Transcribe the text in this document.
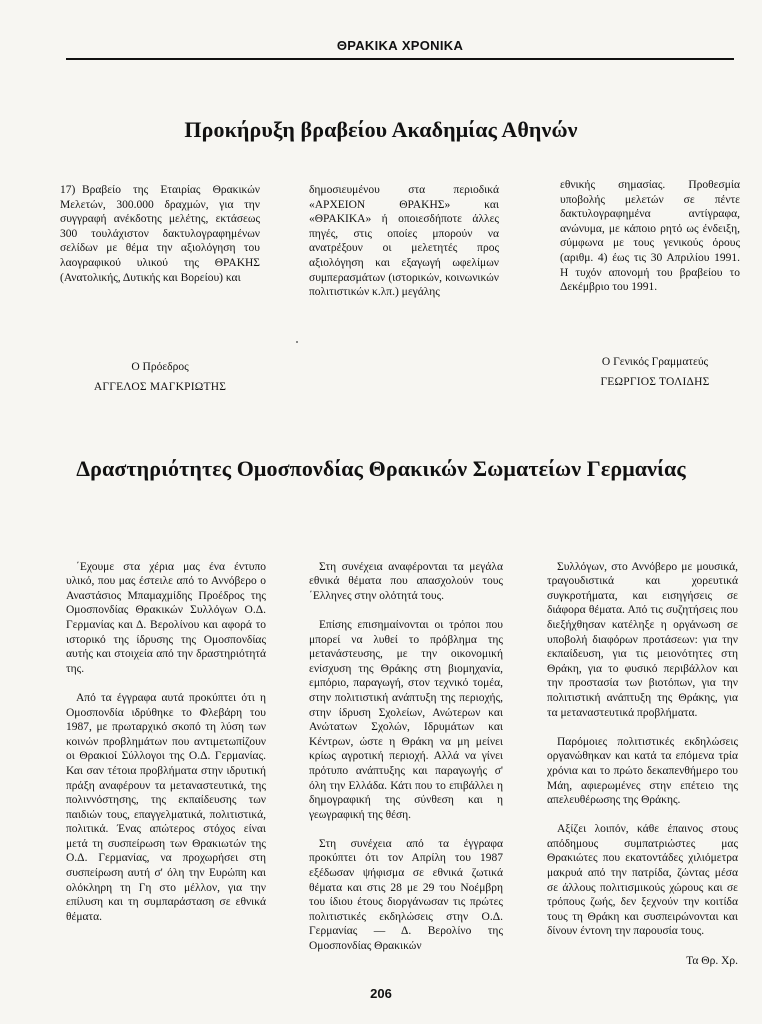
ΘΡΑΚΙΚΑ ΧΡΟΝΙΚΑ
Προκήρυξη βραβείου Ακαδημίας Αθηνών
17) Βραβείο της Εταιρίας Θρακικών Μελετών, 300.000 δραχμών, για την συγγραφή ανέκδοτης μελέτης, εκτάσεως 300 τουλάχιστον δακτυλογραφημένων σελίδων με θέμα την αξιολόγηση του λαογραφικού υλικού της ΘΡΑΚΗΣ (Ανατολικής, Δυτικής και Βορείου) και
δημοσιευμένου στα περιοδικά «ΑΡΧΕΙΟΝ ΘΡΑΚΗΣ» και «ΘΡΑΚΙΚΑ» ή οποιεσδήποτε άλλες πηγές, στις οποίες μπορούν να ανατρέξουν οι μελετητές προς αξιολόγηση και εξαγωγή ωφελίμων συμπερασμάτων (ιστορικών, κοινωνικών πολιτιστικών κ.λπ.) μεγάλης
εθνικής σημασίας. Προθεσμία υποβολής μελετών σε πέντε δακτυλογραφημένα αντίγραφα, ανώνυμα, με κάποιο ρητό ως ένδειξη, σύμφωνα με τους γενικούς όρους (αριθμ. 4) έως τις 30 Απριλίου 1991. Η τυχόν απονομή του βραβείου το Δεκέμβριο του 1991.
Ο Πρόεδρος
ΑΓΓΕΛΟΣ ΜΑΓΚΡΙΩΤΗΣ
Ο Γενικός Γραμματεύς
ΓΕΩΡΓΙΟΣ ΤΟΛΙΔΗΣ
Δραστηριότητες Ομοσπονδίας Θρακικών Σωματείων Γερμανίας

΄Εχουμε στα χέρια μας ένα έντυπο υλικό, που μας έστειλε από το Αννόβερο ο Αναστάσιος Μπαμαχμίδης Προέδρος της Ομοσπονδίας Θρακικών Συλλόγων Ο.Δ. Γερμανίας και Δ. Βερολίνου και αφορά το ιστορικό της ίδρυσης της Ομοσπονδίας αυτής και στοιχεία από την δραστηριότητά της.

Από τα έγγραφα αυτά προκύπτει ότι η Ομοσπονδία ιδρύθηκε το Φλεβάρη του 1987, με πρωταρχικό σκοπό τη λύση των κοινών προβλημάτων που αντιμετωπίζουν οι Θρακιοί Σύλλογοι της Ο.Δ. Γερμανίας. Και σαν τέτοια προβλήματα στην ιδρυτική πράξη αναφέρουν τα μεταναστευτικά, της πολιννόστησης, της εκπαίδευσης των παιδιών τους, επαγγελματικά, πολιτιστικά, πολιτικά. Ένας απώτερος στόχος είναι μετά τη συσπείρωση των Θρακιωτών της Ο.Δ. Γερμανίας, να προχωρήσει στη συσπείρωση αυτή σ' όλη την Ευρώπη και ολόκληρη τη Γη στο μέλλον, για την επίλυση και τη συμπαράσταση σε εθνικά θέματα.

Στη συνέχεια αναφέρονται τα μεγάλα εθνικά θέματα που απασχολούν τους ΄Ελληνες στην ολότητά τους.

Επίσης επισημαίνονται οι τρόποι που μπορεί να λυθεί το πρόβλημα της μετανάστευσης, με την οικονομική ενίσχυση της Θράκης στη βιομηχανία, εμπόριο, παραγωγή, στον τεχνικό τομέα, στην πολιτιστική ανάπτυξη της περιοχής, στην ίδρυση Σχολείων, Ανώτερων και Ανώτατων Σχολών, Ιδρυμάτων και Κέντρων, ώστε η Θράκη να μη μείνει κρίως αγροτική περιοχή. Αλλά να γίνει πρότυπο ανάπτυξης και παραγωγής σ' όλη την Ελλάδα. Κάτι που το επιβάλλει η δημογραφική της σύνθεση και η γεωγραφική της θέση.

Στη συνέχεια από τα έγγραφα προκύπτει ότι τον Απρίλη του 1987 εξέδωσαν ψήφισμα σε εθνικά ζωτικά θέματα και στις 28 με 29 του Νοέμβρη του ίδιου έτους διοργάνωσαν τις πρώτες πολιτιστικές εκδηλώσεις στην Ο.Δ. Γερμανίας — Δ. Βερολίνο της Ομοσπονδίας Θρακικών

Συλλόγων, στο Αννόβερο με μουσικά, τραγουδιστικά και χορευτικά συγκροτήματα, και εισηγήσεις σε διάφορα θέματα. Από τις συζητήσεις που διεξήχθησαν κατέληξε η οργάνωση σε υποβολή διαφόρων προτάσεων: για την εκπαίδευση, για τις μειονότητες στη Θράκη, για το φυσικό περιβάλλον και την προστασία των βιοτόπων, για την πολιτιστική ανάπτυξη της Θράκης, για τα μεταναστευτικά προβλήματα.

Παρόμοιες πολιτιστικές εκδηλώσεις οργανώθηκαν και κατά τα επόμενα τρία χρόνια και το πρώτο δεκαπενθήμερο του Μάη, αφιερωμένες στην επέτειο της απελευθέρωσης της Θράκης.

Αξίζει λοιπόν, κάθε έπαινος στους απόδημους συμπατριώστες μας Θρακιώτες που εκατοντάδες χιλιόμετρα μακρυά από την πατρίδα, ζώντας μέσα σε άλλους πολιτισμικούς χώρους και σε τρόπους ζωής, δεν ξεχνούν την κοιτίδα τους τη Θράκη και συσπειρώνονται και δίνουν έντονη την παρουσία τους.

Τα Θρ. Χρ.

206
